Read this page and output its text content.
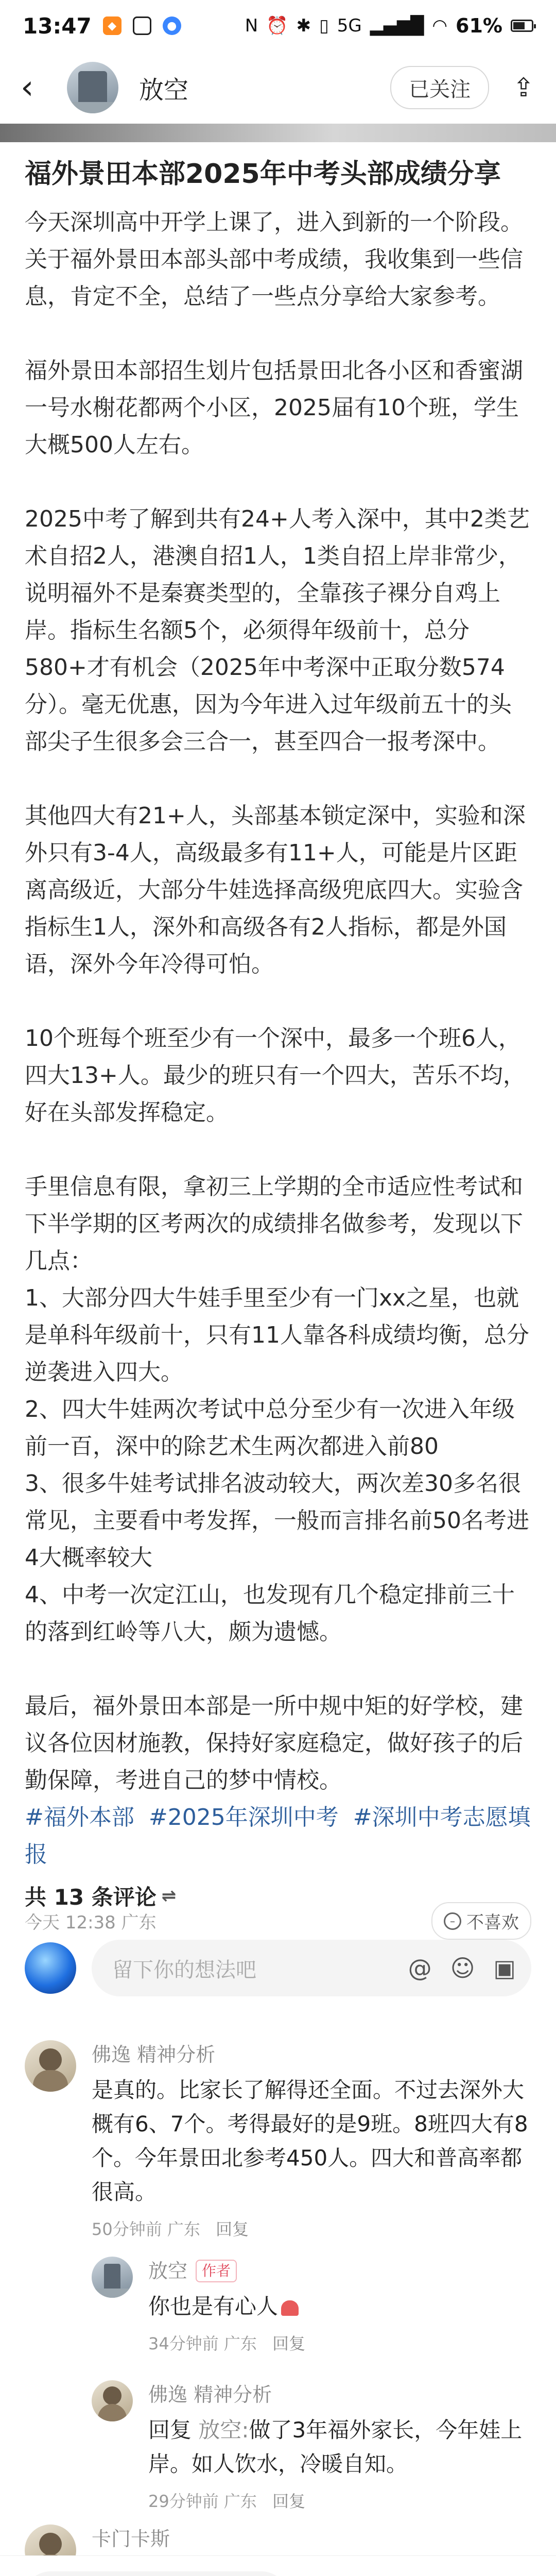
13:47	◆	●	N ⏰ ✱ ▯ 5G ▂▄▆█ ◠ 61%
‹	放空	已关注	⇪
福外景田本部2025年中考头部成绩分享

今天深圳高中开学上课了，进入到新的一个阶段。关于福外景田本部头部中考成绩，我收集到一些信息，肯定不全，总结了一些点分享给大家参考。

福外景田本部招生划片包括景田北各小区和香蜜湖一号水榭花都两个小区，2025届有10个班，学生大概500人左右。

2025中考了解到共有24+人考入深中，其中2类艺术自招2人，港澳自招1人，1类自招上岸非常少，说明福外不是秦赛类型的，全靠孩子裸分自鸡上岸。指标生名额5个，必须得年级前十，总分580+才有机会（2025年中考深中正取分数574分）。毫无优惠，因为今年进入过年级前五十的头部尖子生很多会三合一，甚至四合一报考深中。

其他四大有21+人，头部基本锁定深中，实验和深外只有3-4人，高级最多有11+人，可能是片区距离高级近，大部分牛娃选择高级兜底四大。实验含指标生1人，深外和高级各有2人指标，都是外国语，深外今年冷得可怕。

10个班每个班至少有一个深中，最多一个班6人，四大13+人。最少的班只有一个四大，苦乐不均，好在头部发挥稳定。

手里信息有限，拿初三上学期的全市适应性考试和下半学期的区考两次的成绩排名做参考，发现以下几点：
1、大部分四大牛娃手里至少有一门xx之星，也就是单科年级前十，只有11人靠各科成绩均衡，总分逆袭进入四大。
2、四大牛娃两次考试中总分至少有一次进入年级前一百，深中的除艺术生两次都进入前80
3、很多牛娃考试排名波动较大，两次差30多名很常见，主要看中考发挥，一般而言排名前50名考进4大概率较大
4、中考一次定江山，也发现有几个稳定排前三十的落到红岭等八大，颇为遗憾。

最后，福外景田本部是一所中规中矩的好学校，建议各位因材施教，保持好家庭稳定，做好孩子的后勤保障，考进自己的梦中情校。

#福外本部 #2025年深圳中考 #深圳中考志愿填报
今天 12:38 广东	– 不喜欢
共 13 条评论 ⇌
留下你的想法吧	@ ☺ ▣
佛逸 精神分析
是真的。比家长了解得还全面。不过去深外大概有6、7个。考得最好的是9班。8班四大有8个。今年景田北参考450人。四大和普高率都很高。
50分钟前 广东 回复
放空	作者
你也是有心人
34分钟前 广东 回复
佛逸 精神分析
回复 放空:做了3年福外家长，今年娃上岸。如人饮水，冷暖自知。
29分钟前 广东 回复
卡门卡斯
